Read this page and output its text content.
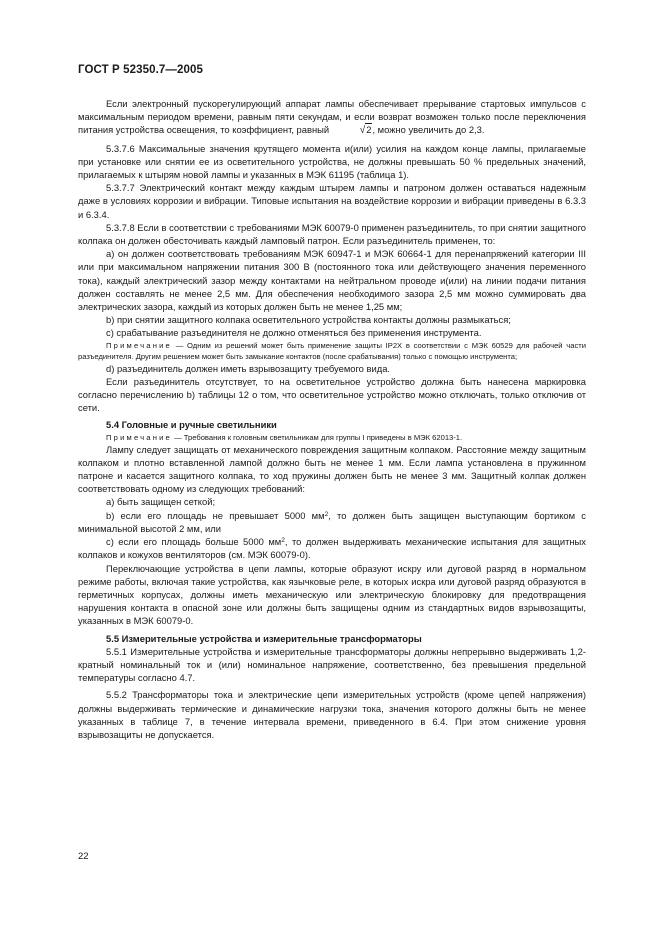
ГОСТ Р 52350.7—2005

Если электронный пускорегулирующий аппарат лампы обеспечивает прерывание стартовых импульсов с максимальным периодом времени, равным пяти секундам, и если возврат возможен только после переключения питания устройства освещения, то коэффициент, равный	√2, можно увеличить до 2,3.

5.3.7.6 Максимальные значения крутящего момента и(или) усилия на каждом конце лампы, прилагаемые при установке или снятии ее из осветительного устройства, не должны превышать 50 % предельных значений, прилагаемых к штырям новой лампы и указанных в МЭК 61195 (таблица 1).

5.3.7.7 Электрический контакт между каждым штырем лампы и патроном должен оставаться надежным даже в условиях коррозии и вибрации. Типовые испытания на воздействие коррозии и вибрации приведены в 6.3.3 и 6.3.4.

5.3.7.8 Если в соответствии с требованиями МЭК 60079-0 применен разъединитель, то при снятии защитного колпака он должен обесточивать каждый ламповый патрон. Если разъединитель применен, то:

a) он должен соответствовать требованиям МЭК 60947-1 и МЭК 60664-1 для перенапряжений категории III или при максимальном напряжении питания 300 В (постоянного тока или действующего значения переменного тока), каждый электрический зазор между контактами на нейтральном проводе и(или) на линии подачи питания должен составлять не менее 2,5 мм. Для обеспечения необходимого зазора 2,5 мм можно суммировать два электрических зазора, каждый из которых должен быть не менее 1,25 мм;

b) при снятии защитного колпака осветительного устройства контакты должны размыкаться;

c) срабатывание разъединителя не должно отменяться без применения инструмента.

Примечание — Одним из решений может быть применение защиты IP2X в соответствии с МЭК 60529 для рабочей части разъединителя. Другим решением может быть замыкание контактов (после срабатывания) только с помощью инструмента;

d) разъединитель должен иметь взрывозащиту требуемого вида.

Если разъединитель отсутствует, то на осветительное устройство должна быть нанесена маркировка согласно перечислению b) таблицы 12 о том, что осветительное устройство можно отключать, только отключив от сети.

5.4 Головные и ручные светильники

Примечание — Требования к головным светильникам для группы I приведены в МЭК 62013-1.

Лампу следует защищать от механического повреждения защитным колпаком. Расстояние между защитным колпаком и плотно вставленной лампой должно быть не менее 1 мм. Если лампа установлена в пружинном патроне и касается защитного колпака, то ход пружины должен быть не менее 3 мм. Защитный колпак должен соответствовать одному из следующих требований:

a) быть защищен сеткой;

b) если его площадь не превышает 5000 $мм^2$, то должен быть защищен выступающим бортиком с минимальной высотой 2 мм, или

c) если его площадь больше 5000 $мм^2$, то должен выдерживать механические испытания для защитных колпаков и кожухов вентиляторов (см. МЭК 60079-0).

Переключающие устройства в цепи лампы, которые образуют искру или дуговой разряд в нормальном режиме работы, включая такие устройства, как язычковые реле, в которых искра или дуговой разряд образуются в герметичных корпусах, должны иметь механическую или электрическую блокировку для предотвращения нарушения контакта в опасной зоне или должны быть защищены одним из стандартных видов взрывозащиты, указанных в МЭК 60079-0.

5.5 Измерительные устройства и измерительные трансформаторы

5.5.1 Измерительные устройства и измерительные трансформаторы должны непрерывно выдерживать 1,2-кратный номинальный ток и (или) номинальное напряжение, соответственно, без превышения предельной температуры согласно 4.7.

5.5.2 Трансформаторы тока и электрические цепи измерительных устройств (кроме цепей напряжения) должны выдерживать термические и динамические нагрузки тока, значения которого должны быть не менее указанных в таблице 7, в течение интервала времени, приведенного в 6.4. При этом снижение уровня взрывозащиты не допускается.

22
